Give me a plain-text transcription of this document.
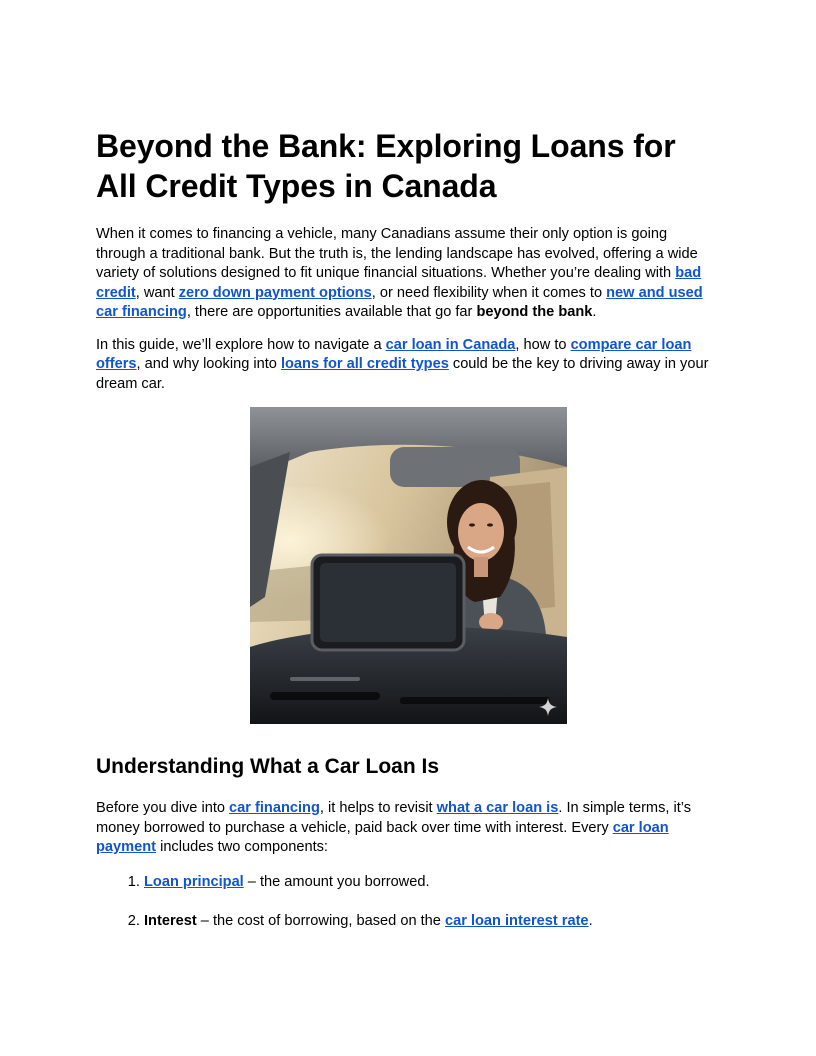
Beyond the Bank: Exploring Loans for All Credit Types in Canada

When it comes to financing a vehicle, many Canadians assume their only option is going through a traditional bank. But the truth is, the lending landscape has evolved, offering a wide variety of solutions designed to fit unique financial situations. Whether you’re dealing with bad credit, want zero down payment options, or need flexibility when it comes to new and used car financing, there are opportunities available that go far beyond the bank.

In this guide, we’ll explore how to navigate a car loan in Canada, how to compare car loan offers, and why looking into loans for all credit types could be the key to driving away in your dream car.

Understanding What a Car Loan Is

Before you dive into car financing, it helps to revisit what a car loan is. In simple terms, it’s money borrowed to purchase a vehicle, paid back over time with interest. Every car loan payment includes two components:

1. Loan principal – the amount you borrowed.
2. Interest – the cost of borrowing, based on the car loan interest rate.
